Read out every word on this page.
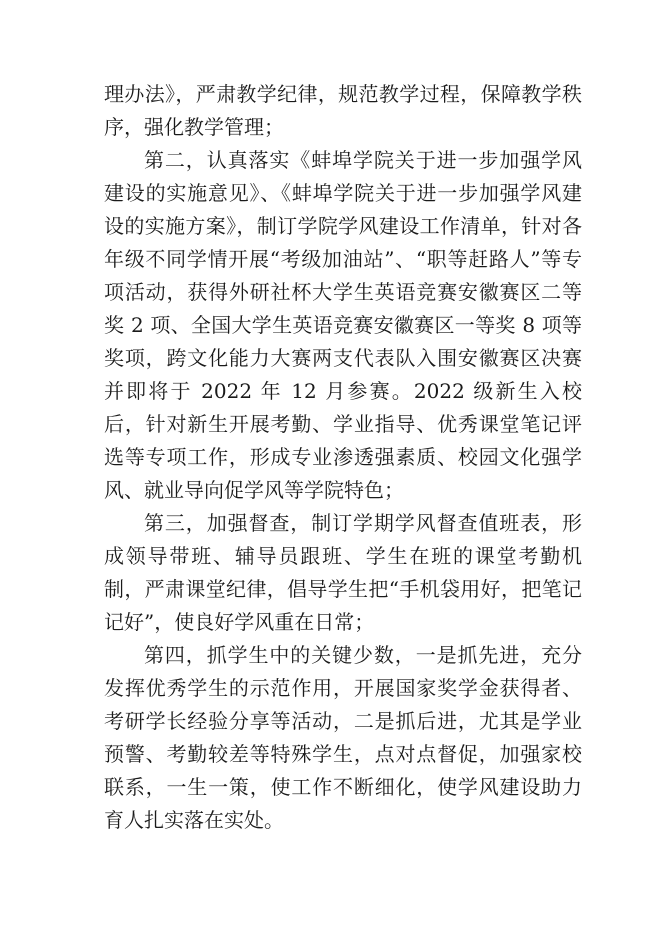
理办法》，严肃教学纪律，规范教学过程，保障教学秩序，强化教学管理；

第二，认真落实《蚌埠学院关于进一步加强学风建设的实施意见》、《蚌埠学院关于进一步加强学风建设的实施方案》，制订学院学风建设工作清单，针对各年级不同学情开展“考级加油站”、“职等赶路人”等专项活动，获得外研社杯大学生英语竞赛安徽赛区二等奖 2 项、全国大学生英语竞赛安徽赛区一等奖 8 项等奖项，跨文化能力大赛两支代表队入围安徽赛区决赛并即将于 2022 年 12 月参赛。2022 级新生入校后，针对新生开展考勤、学业指导、优秀课堂笔记评选等专项工作，形成专业渗透强素质、校园文化强学风、就业导向促学风等学院特色；

第三，加强督查，制订学期学风督查值班表，形成领导带班、辅导员跟班、学生在班的课堂考勤机制，严肃课堂纪律，倡导学生把“手机袋用好，把笔记记好”，使良好学风重在日常；

第四，抓学生中的关键少数，一是抓先进，充分发挥优秀学生的示范作用，开展国家奖学金获得者、考研学长经验分享等活动，二是抓后进，尤其是学业预警、考勤较差等特殊学生，点对点督促，加强家校联系，一生一策，使工作不断细化，使学风建设助力育人扎实落在实处。
